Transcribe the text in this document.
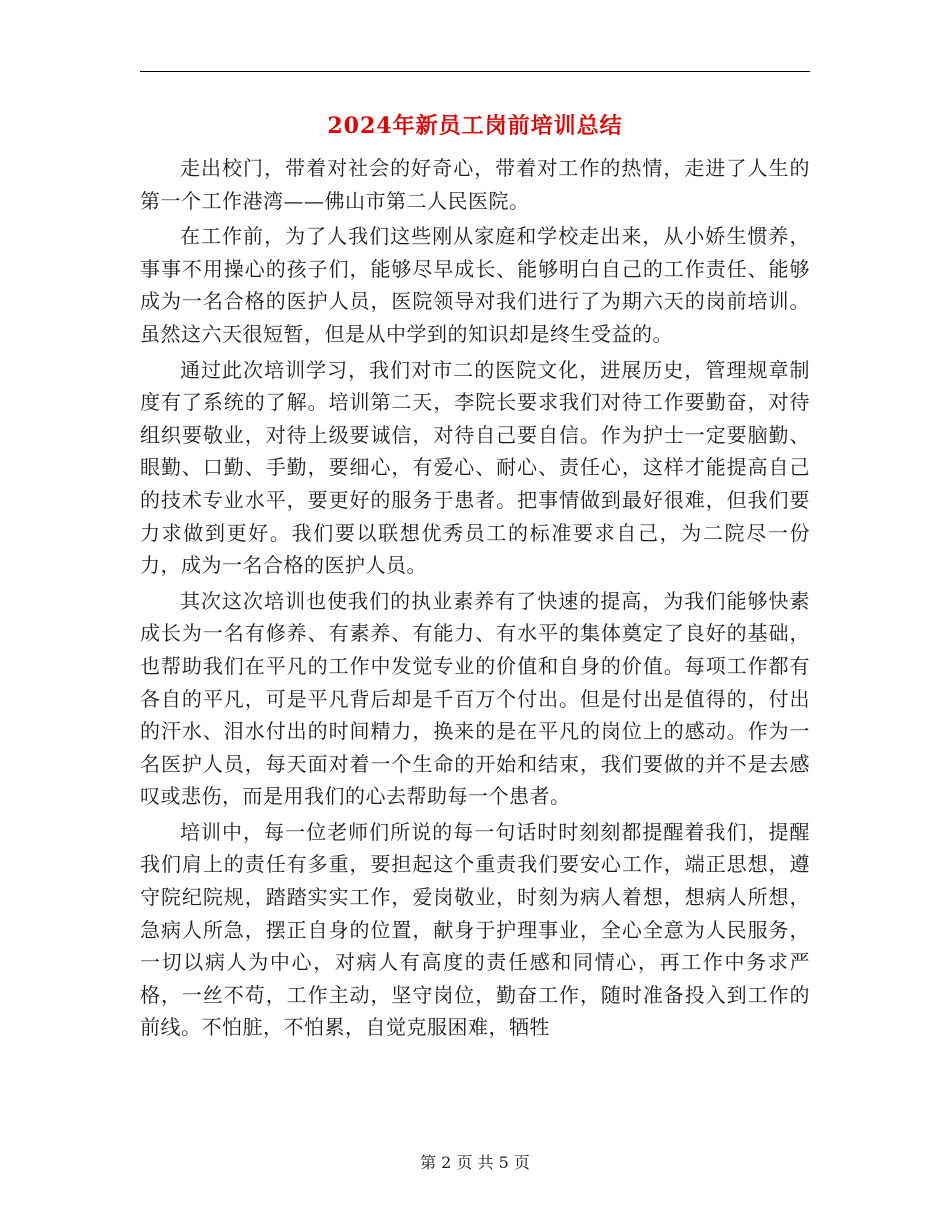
2024年新员工岗前培训总结

走出校门，带着对社会的好奇心，带着对工作的热情，走进了人生的第一个工作港湾——佛山市第二人民医院。

在工作前，为了人我们这些刚从家庭和学校走出来，从小娇生惯养，事事不用操心的孩子们，能够尽早成长、能够明白自己的工作责任、能够成为一名合格的医护人员，医院领导对我们进行了为期六天的岗前培训。虽然这六天很短暂，但是从中学到的知识却是终生受益的。

通过此次培训学习，我们对市二的医院文化，进展历史，管理规章制度有了系统的了解。培训第二天，李院长要求我们对待工作要勤奋，对待组织要敬业，对待上级要诚信，对待自己要自信。作为护士一定要脑勤、眼勤、口勤、手勤，要细心，有爱心、耐心、责任心，这样才能提高自己的技术专业水平，要更好的服务于患者。把事情做到最好很难，但我们要力求做到更好。我们要以联想优秀员工的标准要求自己，为二院尽一份力，成为一名合格的医护人员。

其次这次培训也使我们的执业素养有了快速的提高，为我们能够快素成长为一名有修养、有素养、有能力、有水平的集体奠定了良好的基础，也帮助我们在平凡的工作中发觉专业的价值和自身的价值。每项工作都有各自的平凡，可是平凡背后却是千百万个付出。但是付出是值得的，付出的汗水、泪水付出的时间精力，换来的是在平凡的岗位上的感动。作为一名医护人员，每天面对着一个生命的开始和结束，我们要做的并不是去感叹或悲伤，而是用我们的心去帮助每一个患者。

培训中，每一位老师们所说的每一句话时时刻刻都提醒着我们，提醒我们肩上的责任有多重，要担起这个重责我们要安心工作，端正思想，遵守院纪院规，踏踏实实工作，爱岗敬业，时刻为病人着想，想病人所想，急病人所急，摆正自身的位置，献身于护理事业，全心全意为人民服务，一切以病人为中心，对病人有高度的责任感和同情心，再工作中务求严格，一丝不苟，工作主动，坚守岗位，勤奋工作，随时准备投入到工作的前线。不怕脏，不怕累，自觉克服困难，牺牲

第 2 页 共 5 页
